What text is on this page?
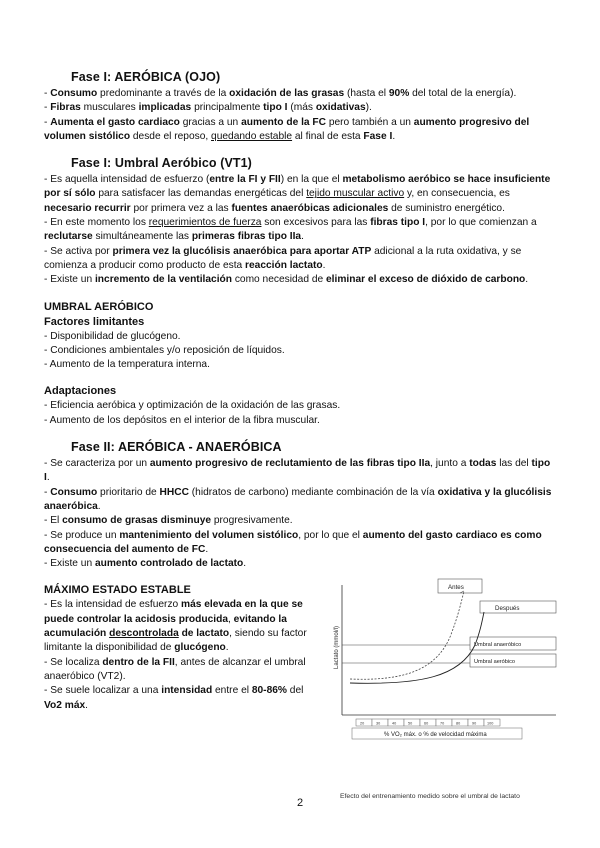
Fase I: AERÓBICA (OJO)
- Consumo predominante a través de la oxidación de las grasas (hasta el 90% del total de la energía).
- Fibras musculares implicadas principalmente tipo I (más oxidativas).
- Aumenta el gasto cardiaco gracias a un aumento de la FC pero también a un aumento progresivo del volumen sistólico desde el reposo, quedando estable al final de esta Fase I.
Fase I: Umbral Aeróbico (VT1)
- Es aquella intensidad de esfuerzo (entre la FI y FII) en la que el metabolismo aeróbico se hace insuficiente por sí sólo para satisfacer las demandas energéticas del tejido muscular activo y, en consecuencia, es necesario recurrir por primera vez a las fuentes anaeróbicas adicionales de suministro energético.
- En este momento los requerimientos de fuerza son excesivos para las fibras tipo I, por lo que comienzan a reclutarse simultáneamente las primeras fibras tipo IIa.
- Se activa por primera vez la glucólisis anaeróbica para aportar ATP adicional a la ruta oxidativa, y se comienza a producir como producto de esta reacción lactato.
- Existe un incremento de la ventilación como necesidad de eliminar el exceso de dióxido de carbono.
UMBRAL AERÓBICO
Factores limitantes
- Disponibilidad de glucógeno.
- Condiciones ambientales y/o reposición de líquidos.
- Aumento de la temperatura interna.
Adaptaciones
- Eficiencia aeróbica y optimización de la oxidación de las grasas.
- Aumento de los depósitos en el interior de la fibra muscular.
Fase II: AERÓBICA - ANAERÓBICA
- Se caracteriza por un aumento progresivo de reclutamiento de las fibras tipo IIa, junto a todas las del tipo I.
- Consumo prioritario de HHCC (hidratos de carbono) mediante combinación de la vía oxidativa y la glucólisis anaeróbica.
- El consumo de grasas disminuye progresivamente.
- Se produce un mantenimiento del volumen sistólico, por lo que el aumento del gasto cardiaco es como consecuencia del aumento de FC.
- Existe un aumento controlado de lactato.
MÁXIMO ESTADO ESTABLE
- Es la intensidad de esfuerzo más elevada en la que se puede controlar la acidosis producida, evitando la acumulación descontrolada de lactato, siendo su factor limitante la disponibilidad de glucógeno.
- Se localiza dentro de la FII, antes de alcanzar el umbral anaeróbico (VT2).
- Se suele localizar a una intensidad entre el 80-86% del Vo2 máx.
Lactato (mmol/l)
Antes
Después
Umbral anaeróbico
Umbral aeróbico
20	30	40	50	60	70	80	90	100
% VO₂ máx. o % de velocidad máxima
Efecto del entrenamiento medido sobre el umbral de lactato
2
